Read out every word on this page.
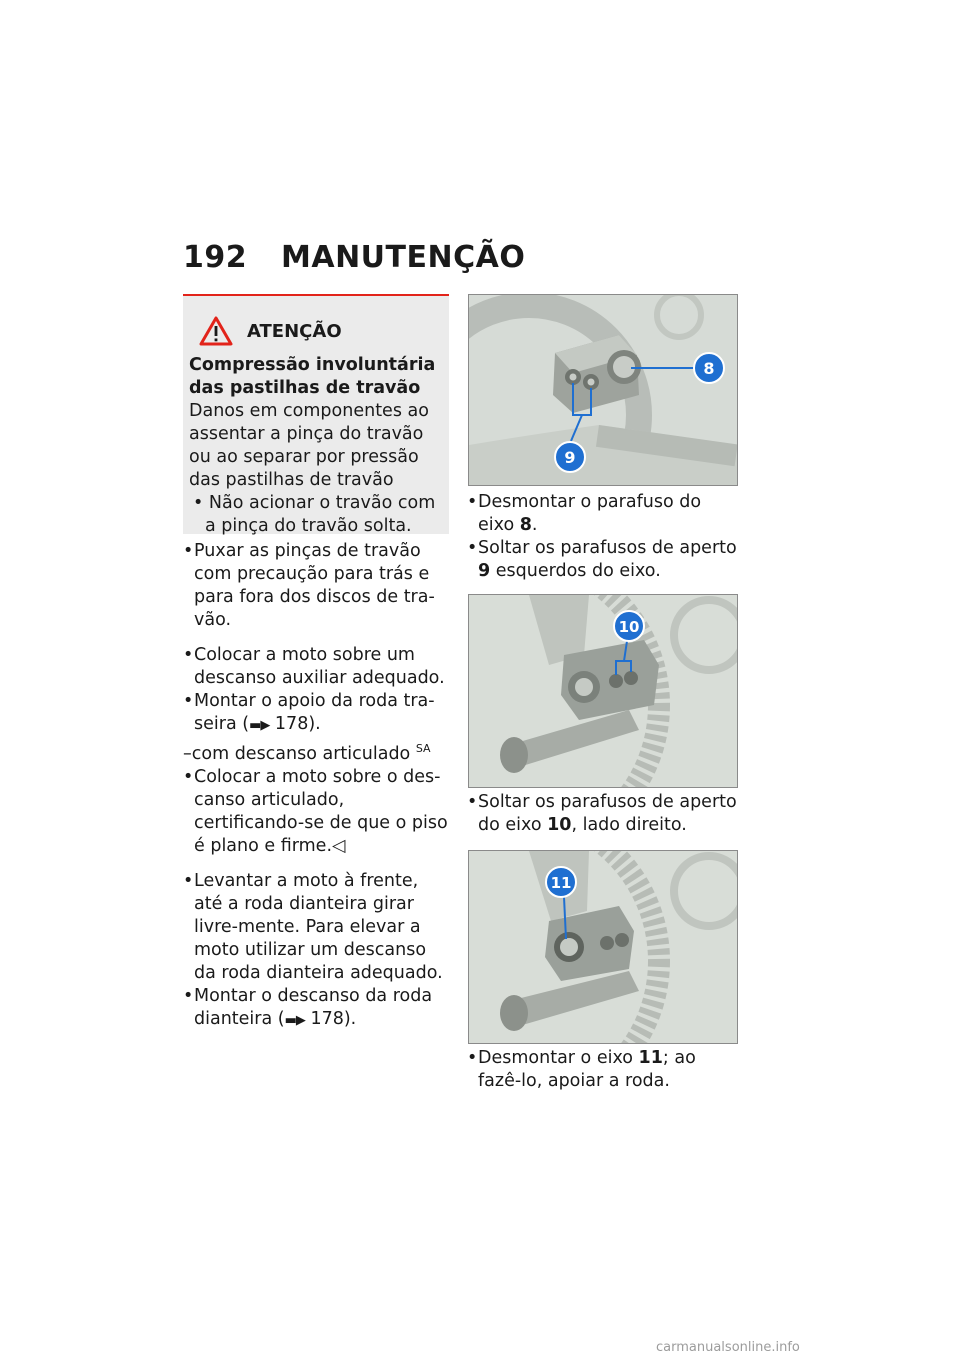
192 MANUTENÇÃO
ATENÇÃO
Compressão involuntária das pastilhas de travão
Danos em componentes ao assentar a pinça do travão ou ao separar por pressão das pastilhas de travão
• Não acionar o travão com a pinça do travão solta.
• Puxar as pinças de travão com precaução para trás e para fora dos discos de tra-vão.
• Colocar a moto sobre um descanso auxiliar adequado.
• Montar o apoio da roda tra-seira (▬▶ 178).
–com descanso articulado $^{SA}$
• Colocar a moto sobre o des-canso articulado, certificando-se de que o piso é plano e firme.◁
• Levantar a moto à frente, até a roda dianteira girar livre-mente. Para elevar a moto utilizar um descanso da roda dianteira adequado.
• Montar o descanso da roda dianteira (▬▶ 178).
8
9
• Desmontar o parafuso do eixo 8.
• Soltar os parafusos de aperto 9 esquerdos do eixo.
10
• Soltar os parafusos de aperto do eixo 10, lado direito.
11
• Desmontar o eixo 11; ao fazê-lo, apoiar a roda.
carmanualsonline.info
